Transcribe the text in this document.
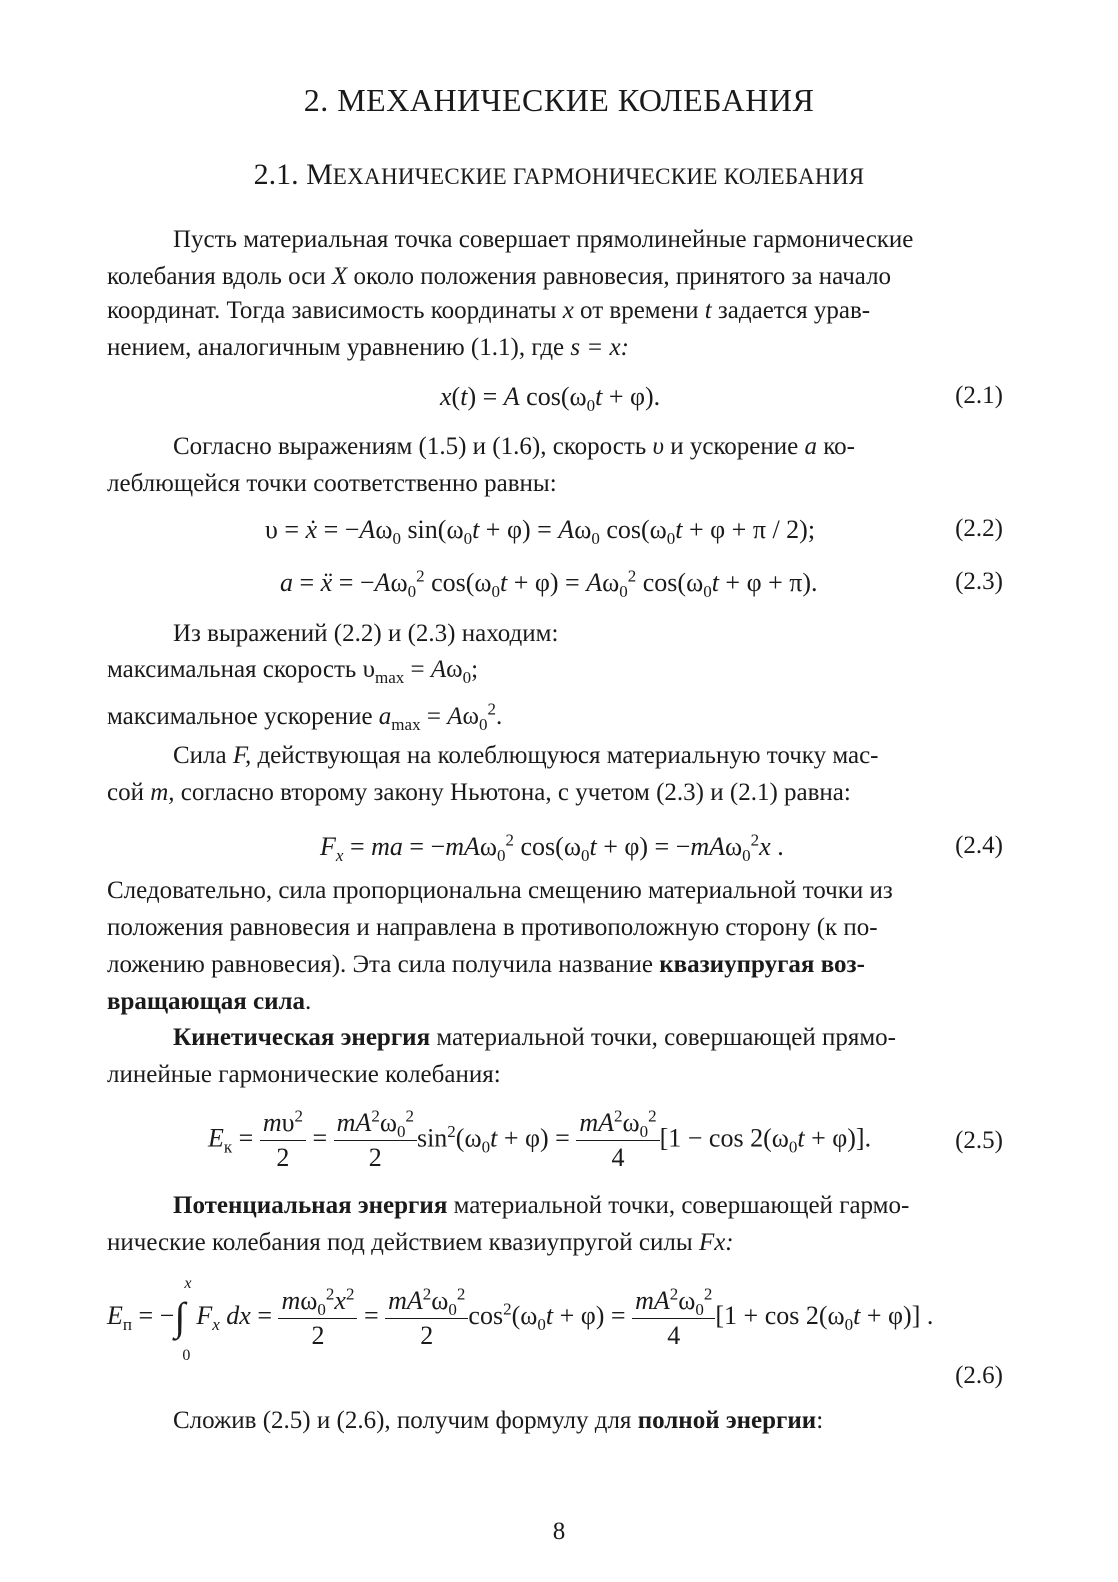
2. МЕХАНИЧЕСКИЕ КОЛЕБАНИЯ
2.1. МЕХАНИЧЕСКИЕ ГАРМОНИЧЕСКИЕ КОЛЕБАНИЯ
Пусть материальная точка совершает прямолинейные гармонические
колебания вдоль оси X около положения равновесия, принятого за начало
координат. Тогда зависимость координаты x от времени t задается урав-
нением, аналогичным уравнению (1.1), где s = x:
x(t) = A $\cos(\omega_0t + \varphi)$.	(2.1)
Согласно выражениям (1.5) и (1.6), скорость υ и ускорение a ко-
леблющейся точки соответственно равны:
υ = ẋ = $-A\omega_0$ $\sin(\omega_0t + \varphi) = A\omega_0$ $\cos(\omega_0t + \varphi + \pi / 2)$;	(2.2)
a = ẍ = $-A\omega_0^2$ $\cos(\omega_0t + \varphi) = A\omega_0^2$ $\cos(\omega_0t + \varphi + \pi)$.	(2.3)
Из выражений (2.2) и (2.3) находим:
максимальная скорость $\upsilon_{max} = A\omega_0$;
максимальное ускорение $a_{max} = A\omega_0^2$.
Сила F, действующая на колеблющуюся материальную точку мас-
сой m, согласно второму закону Ньютона, с учетом (2.3) и (2.1) равна:
$F_x$ = ma = −mAω$_0^2$ $\cos(\omega_0t + \varphi) = -mA\omega_0^2x$ .	(2.4)
Следовательно, сила пропорциональна смещению материальной точки из
положения равновесия и направлена в противоположную сторону (к по-
ложению равновесия). Эта сила получила название квазиупругая воз-
вращающая сила.
Кинетическая энергия материальной точки, совершающей прямо-
линейные гармонические колебания:
$E_к = \frac{m\upsilon^2}{2} = \frac{mA^2\omega_0^2}{2} \sin^2(\omega_0t + \varphi) = \frac{mA^2\omega_0^2}{4} [1 - \cos 2(\omega_0t + \varphi)]$.	(2.5)
Потенциальная энергия материальной точки, совершающей гармо-
нические колебания под действием квазиупругой силы Fx:
$E_п$ = −
x
∫
0
$F_x$ dx = $\frac{m\omega_0^2x^2}{2} = \frac{mA^2\omega_0^2}{2} \cos^2(\omega_0t + \varphi) = \frac{mA^2\omega_0^2}{4} [1 + \cos 2(\omega_0t + \varphi)]$ .
(2.6)
Сложив (2.5) и (2.6), получим формулу для полной энергии:
8
